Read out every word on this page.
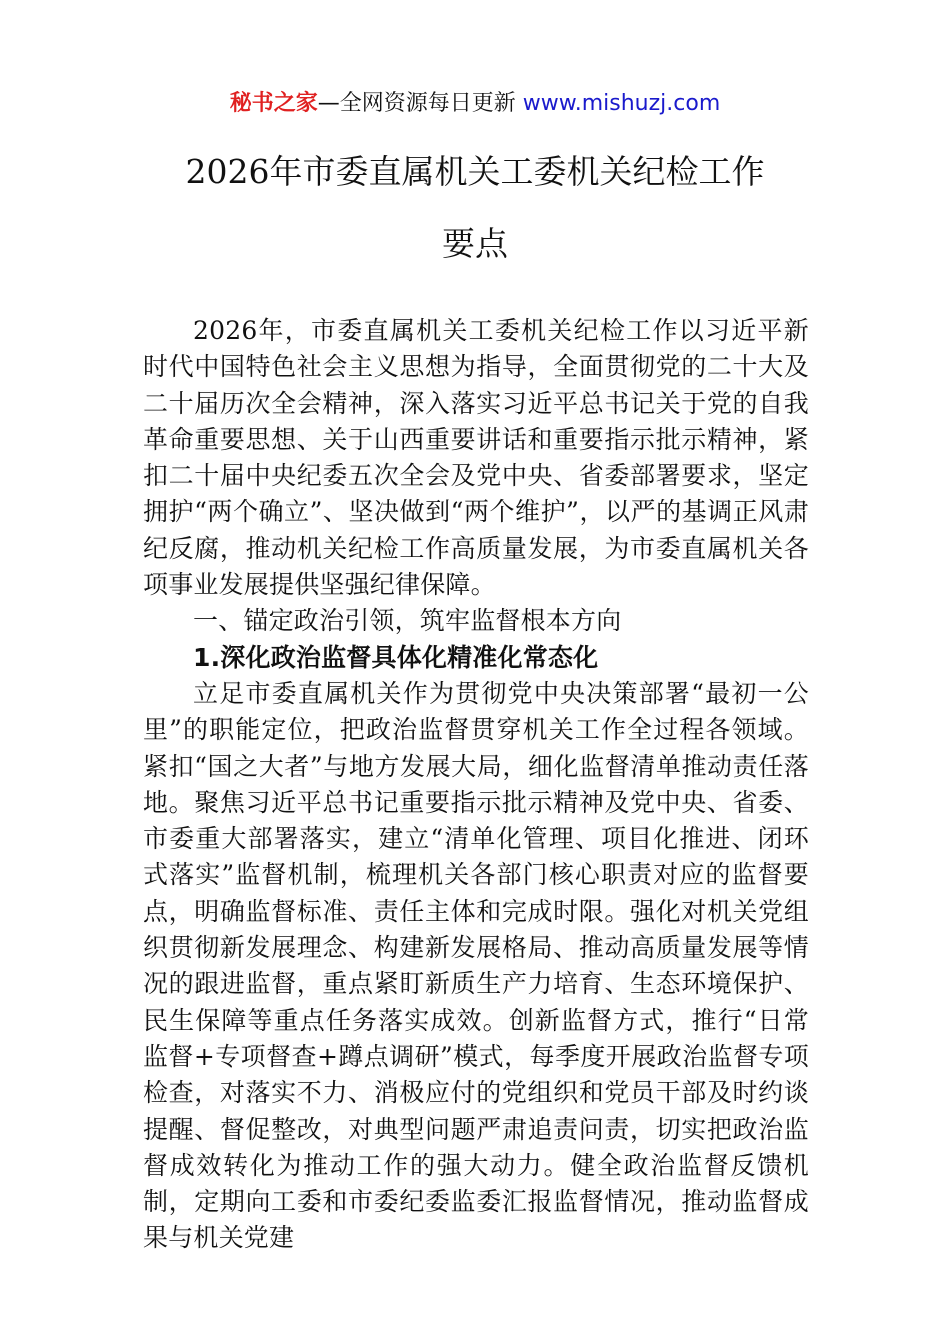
秘书之家—全网资源每日更新 www.mishuzj.com
2026年市委直属机关工委机关纪检工作
要点

2026年，市委直属机关工委机关纪检工作以习近平新时代中国特色社会主义思想为指导，全面贯彻党的二十大及二十届历次全会精神，深入落实习近平总书记关于党的自我革命重要思想、关于山西重要讲话和重要指示批示精神，紧扣二十届中央纪委五次全会及党中央、省委部署要求，坚定拥护“两个确立”、坚决做到“两个维护”，以严的基调正风肃纪反腐，推动机关纪检工作高质量发展，为市委直属机关各项事业发展提供坚强纪律保障。

一、锚定政治引领，筑牢监督根本方向

1.深化政治监督具体化精准化常态化

立足市委直属机关作为贯彻党中央决策部署“最初一公里”的职能定位，把政治监督贯穿机关工作全过程各领域。紧扣“国之大者”与地方发展大局，细化监督清单推动责任落地。聚焦习近平总书记重要指示批示精神及党中央、省委、市委重大部署落实，建立“清单化管理、项目化推进、闭环式落实”监督机制，梳理机关各部门核心职责对应的监督要点，明确监督标准、责任主体和完成时限。强化对机关党组织贯彻新发展理念、构建新发展格局、推动高质量发展等情况的跟进监督，重点紧盯新质生产力培育、生态环境保护、民生保障等重点任务落实成效。创新监督方式，推行“日常监督+专项督查+蹲点调研”模式，每季度开展政治监督专项检查，对落实不力、消极应付的党组织和党员干部及时约谈提醒、督促整改，对典型问题严肃追责问责，切实把政治监督成效转化为推动工作的强大动力。健全政治监督反馈机制，定期向工委和市委纪委监委汇报监督情况，推动监督成果与机关党建
